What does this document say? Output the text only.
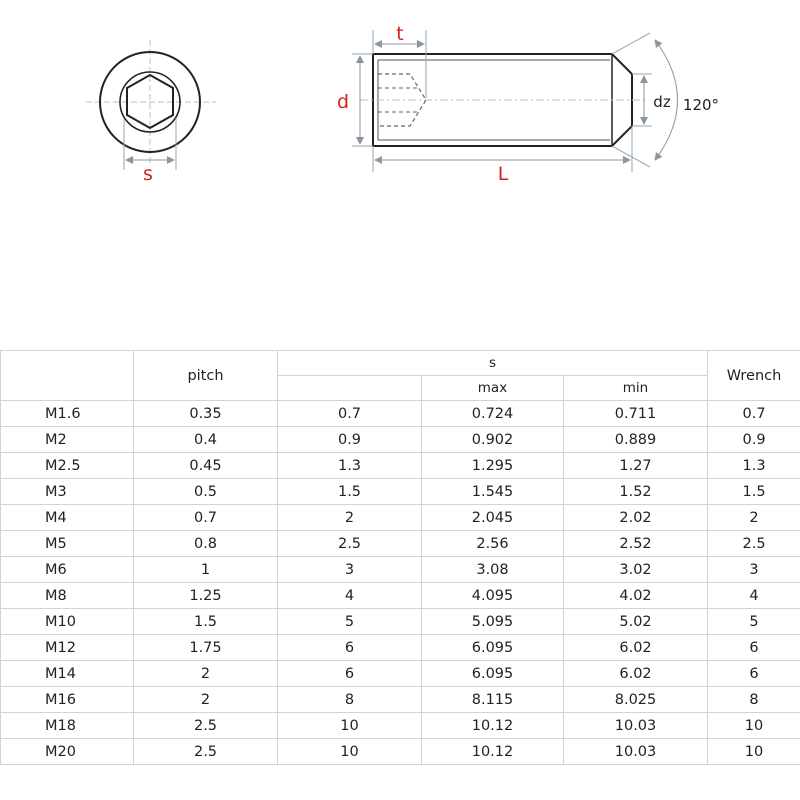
s
t
d
L
dz 120°
	pitch	s			Wrench
			max	min	
M1.6	0.35	0.7	0.724	0.711	0.7
M2	0.4	0.9	0.902	0.889	0.9
M2.5	0.45	1.3	1.295	1.27	1.3
M3	0.5	1.5	1.545	1.52	1.5
M4	0.7	2	2.045	2.02	2
M5	0.8	2.5	2.56	2.52	2.5
M6	1	3	3.08	3.02	3
M8	1.25	4	4.095	4.02	4
M10	1.5	5	5.095	5.02	5
M12	1.75	6	6.095	6.02	6
M14	2	6	6.095	6.02	6
M16	2	8	8.115	8.025	8
M18	2.5	10	10.12	10.03	10
M20	2.5	10	10.12	10.03	10
